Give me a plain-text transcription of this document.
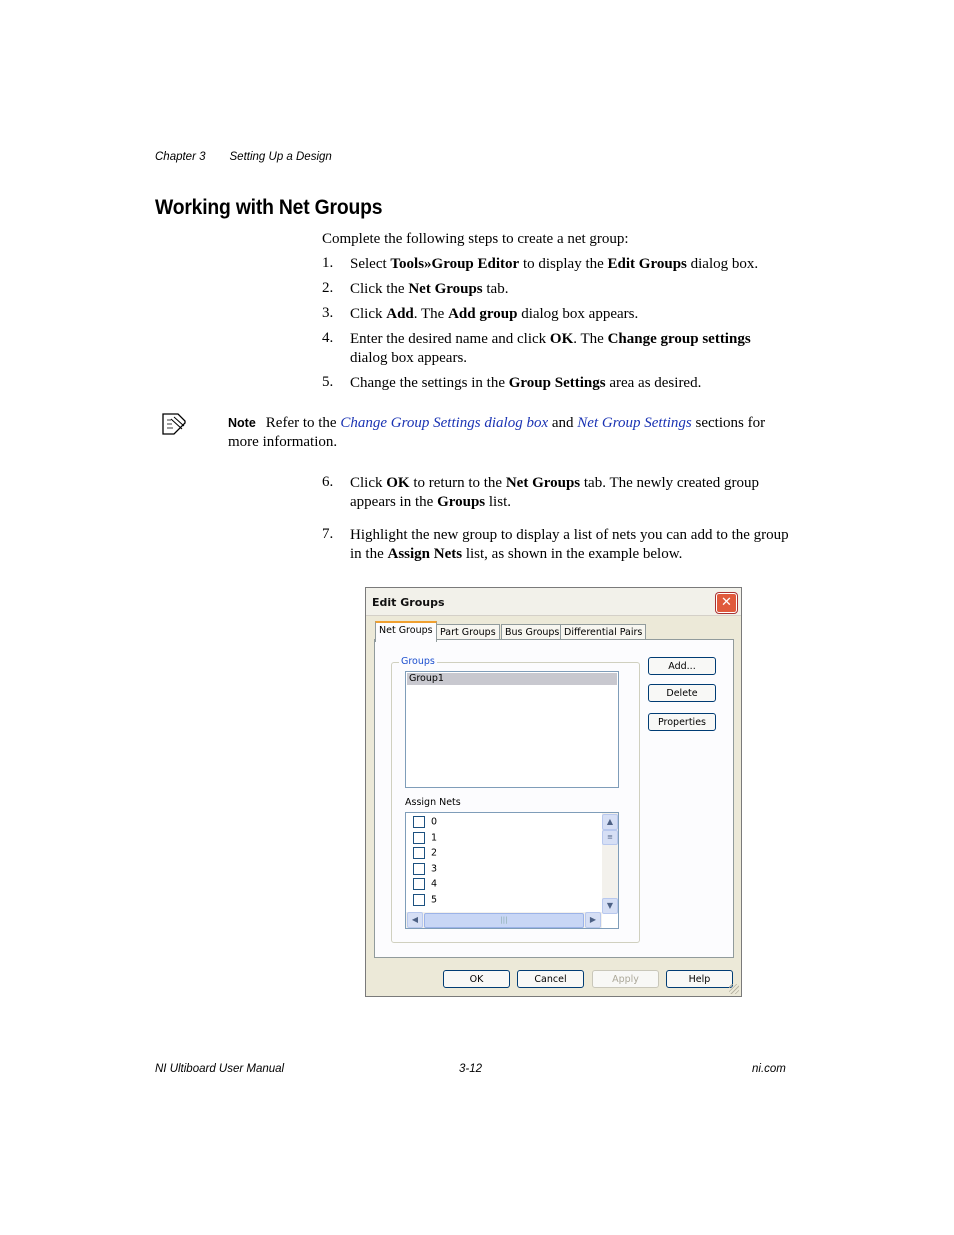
Chapter 3 Setting Up a Design
Working with Net Groups
Complete the following steps to create a net group:
1. Select Tools»Group Editor to display the Edit Groups dialog box.
2. Click the Net Groups tab.
3. Click Add. The Add group dialog box appears.
4. Enter the desired name and click OK. The Change group settings dialog box appears.
5. Change the settings in the Group Settings area as desired.
6. Click OK to return to the Net Groups tab. The newly created group appears in the Groups list.
7. Highlight the new group to display a list of nets you can add to the group in the Assign Nets list, as shown in the example below.
Note Refer to the Change Group Settings dialog box and Net Group Settings sections for more information.
Edit Groups	✕
Net Groups Part Groups Bus Groups Differential Pairs
Groups
Group1
Assign Nets
0
1
2
3
4
5
▲
≡
▼
◀	|||	▶
Add...
Delete
Properties
OK	Cancel	Apply	Help
NI Ultiboard User Manual	3-12	ni.com
